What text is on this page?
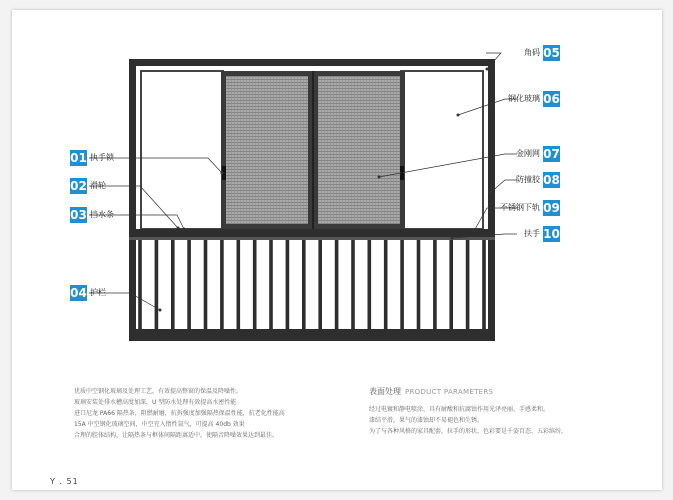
01 执手锁
02 滑轮
03 挡水条
04 护栏
角码 05
钢化玻璃 06
金刚网 07
防撞胶 08
不锈钢下轨 09
扶手 10
优质中空钢化玻璃及处理工艺，有效提高整窗的保温及降噪性。
玻璃安装处排水槽高度加深，U 型防水处理有效提高水密性能
进口尼龙 PA66 隔热条，阻燃耐磨，抗拆强度加强隔热保温性能，抗老化性能高
15A 中空钢化玻璃空间，中空充入惰性氩气，可提高 40db 效果
合理的腔体结构，让隔热条与框体间隔距离适中，使隔音降噪效果达到最佳。
表面处理 PRODUCT PARAMETERS
经过电镀和静电喷涂，具有耐酸和抗腐蚀作用光泽亮丽、手感柔和。
漆结平滑，果气的漆蚀却不易褪色和生锈。
为了与各种风格的家具配套，拉手的形状、色彩要是千姿百态、五彩缤纷。
Y . 51
